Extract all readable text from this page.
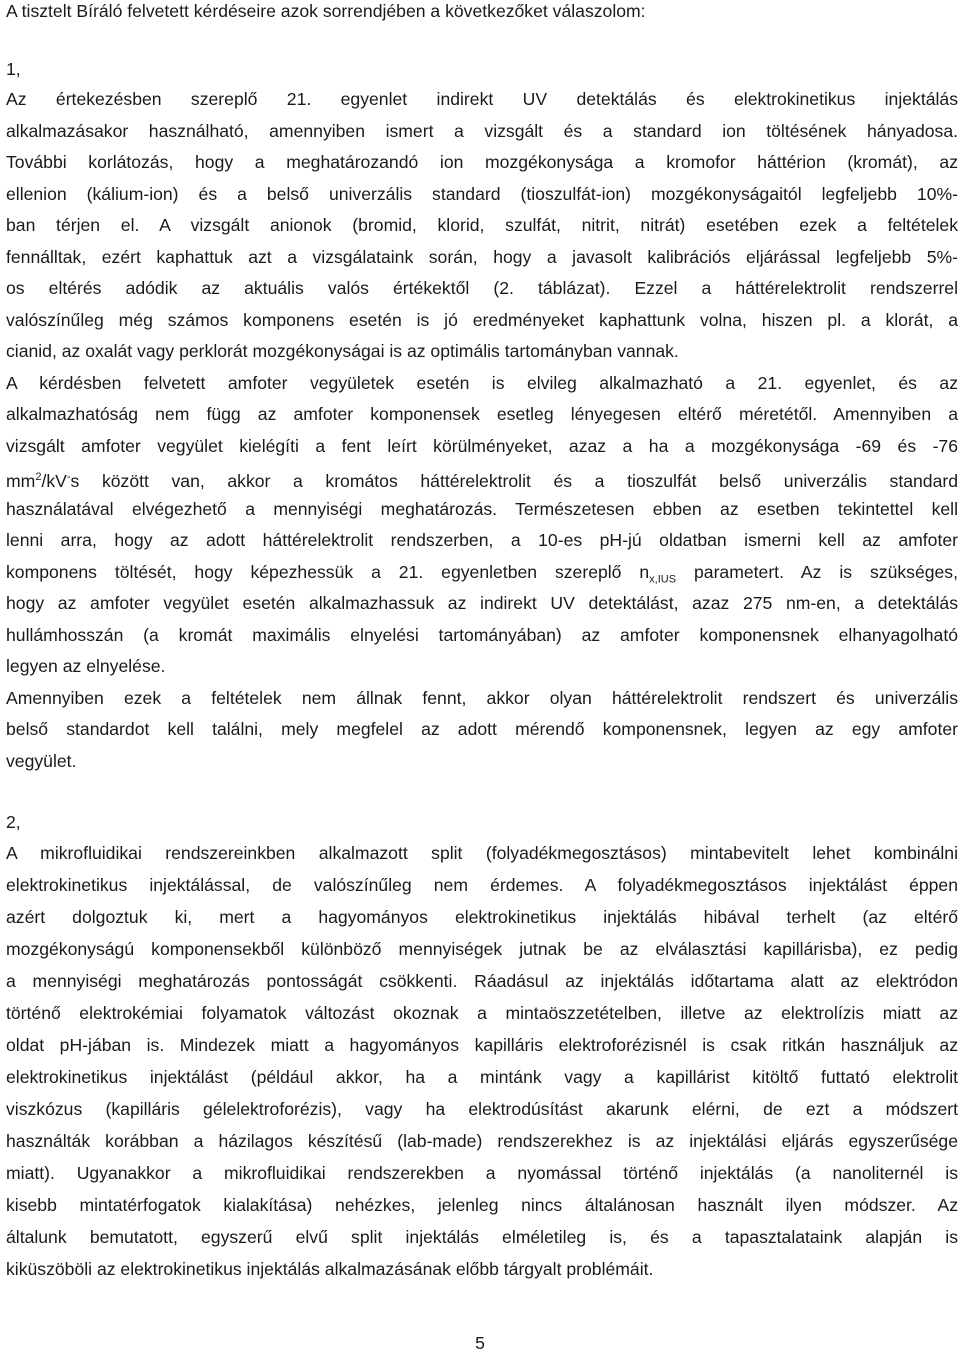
A tisztelt Bíráló felvetett kérdéseire azok sorrendjében a következőket válaszolom:

1,

Az értekezésben szereplő 21. egyenlet indirekt UV detektálás és elektrokinetikus injektálás
alkalmazásakor használható, amennyiben ismert a vizsgált és a standard ion töltésének hányadosa.
További korlátozás, hogy a meghatározandó ion mozgékonysága a kromofor háttérion (kromát), az
ellenion (kálium-ion) és a belső univerzális standard (tioszulfát-ion) mozgékonyságaitól legfeljebb 10%-
ban térjen el. A vizsgált anionok (bromid, klorid, szulfát, nitrit, nitrát) esetében ezek a feltételek
fennálltak, ezért kaphattuk azt a vizsgálataink során, hogy a javasolt kalibrációs eljárással legfeljebb 5%-
os eltérés adódik az aktuális valós értékektől (2. táblázat). Ezzel a háttérelektrolit rendszerrel
valószínűleg még számos komponens esetén is jó eredményeket kaphattunk volna, hiszen pl. a klorát, a
cianid, az oxalát vagy perklorát mozgékonyságai is az optimális tartományban vannak.
A kérdésben felvetett amfoter vegyületek esetén is elvileg alkalmazható a 21. egyenlet, és az
alkalmazhatóság nem függ az amfoter komponensek esetleg lényegesen eltérő méretétől. Amennyiben a
vizsgált amfoter vegyület kielégíti a fent leírt körülményeket, azaz a ha a mozgékonysága -69 és -76
$mm^2/kV^-s$ között van, akkor a kromátos háttérelektrolit és a tioszulfát belső univerzális standard
használatával elvégezhető a mennyiségi meghatározás. Természetesen ebben az esetben tekintettel kell
lenni arra, hogy az adott háttérelektrolit rendszerben, a 10-es pH-jú oldatban ismerni kell az amfoter
komponens töltését, hogy képezhessük a 21. egyenletben szereplő $n_{x,IUS}$ parametert. Az is szükséges,
hogy az amfoter vegyület esetén alkalmazhassuk az indirekt UV detektálást, azaz 275 nm-en, a detektálás
hullámhosszán (a kromát maximális elnyelési tartományában) az amfoter komponensnek elhanyagolható
legyen az elnyelése.
Amennyiben ezek a feltételek nem állnak fennt, akkor olyan háttérelektrolit rendszert és univerzális
belső standardot kell találni, mely megfelel az adott mérendő komponensnek, legyen az egy amfoter
vegyület.

2,

A mikrofluidikai rendszereinkben alkalmazott split (folyadékmegosztásos) mintabevitelt lehet kombinálni
elektrokinetikus injektálással, de valószínűleg nem érdemes. A folyadékmegosztásos injektálást éppen
azért dolgoztuk ki, mert a hagyományos elektrokinetikus injektálás hibával terhelt (az eltérő
mozgékonyságú komponensekből különböző mennyiségek jutnak be az elválasztási kapillárisba), ez pedig
a mennyiségi meghatározás pontosságát csökkenti. Ráadásul az injektálás időtartama alatt az elektródon
történő elektrokémiai folyamatok változást okoznak a mintaöszzetételben, illetve az elektrolízis miatt az
oldat pH-jában is. Mindezek miatt a hagyományos kapilláris elektroforézisnél is csak ritkán használjuk az
elektrokinetikus injektálást (például akkor, ha a mintánk vagy a kapillárist kitöltő futtató elektrolit
viszkózus (kapilláris gélelektroforézis), vagy ha elektrodúsítást akarunk elérni, de ezt a módszert
használták korábban a házilagos készítésű (lab-made) rendszerekhez is az injektálási eljárás egyszerűsége
miatt). Ugyanakkor a mikrofluidikai rendszerekben a nyomással történő injektálás (a nanoliternél is
kisebb mintatérfogatok kialakítása) nehézkes, jelenleg nincs általánosan használt ilyen módszer. Az
általunk bemutatott, egyszerű elvű split injektálás elméletileg is, és a tapasztalataink alapján is
kiküszöböli az elektrokinetikus injektálás alkalmazásának előbb tárgyalt problémáit.
5
